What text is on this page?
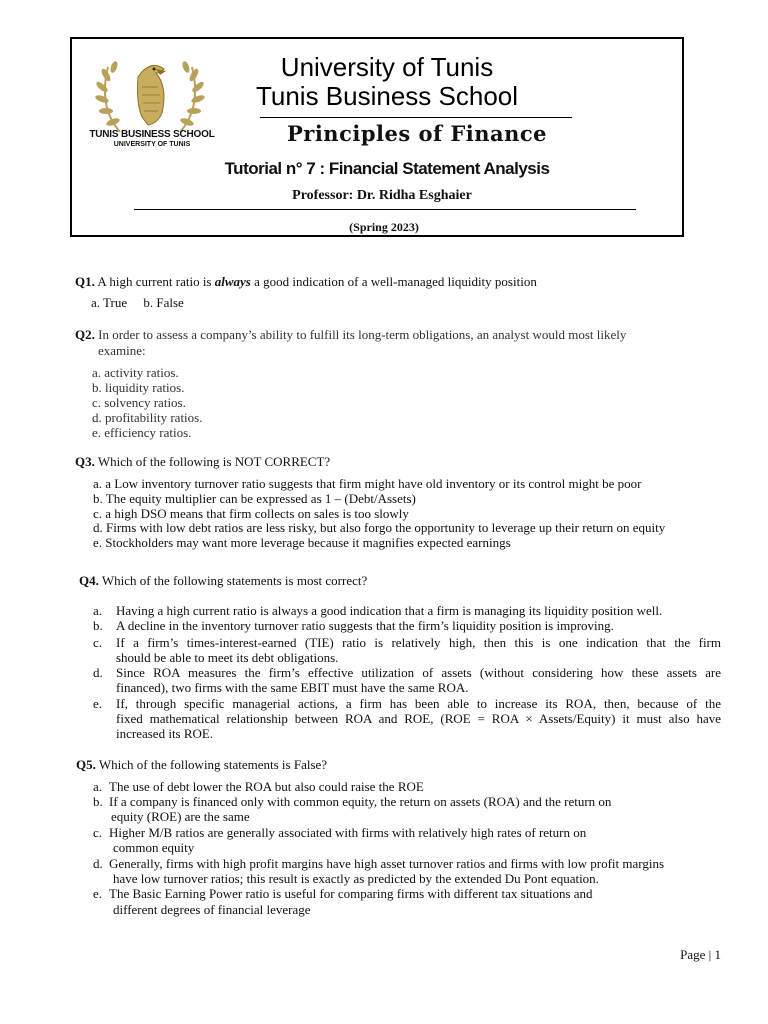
TUNIS BUSINESS SCHOOL
UNIVERSITY OF TUNIS
University of Tunis
Tunis Business School
Principles of Finance
Tutorial n° 7 : Financial Statement Analysis
Professor: Dr. Ridha Esghaier
(Spring 2023)
Q1. A high current ratio is always a good indication of a well-managed liquidity position
a. True     b. False
Q2. In order to assess a company’s ability to fulfill its long-term obligations, an analyst would most likely
examine:
a. activity ratios.
b. liquidity ratios.
c. solvency ratios.
d. profitability ratios.
e. efficiency ratios.
Q3. Which of the following is NOT CORRECT?
a. a Low inventory turnover ratio suggests that firm might have old inventory or its control might be poor
b. The equity multiplier can be expressed as 1 – (Debt/Assets)
c. a high DSO means that firm collects on sales is too slowly
d. Firms with low debt ratios are less risky, but also forgo the opportunity to leverage up their return on equity
e. Stockholders may want more leverage because it magnifies expected earnings
Q4. Which of the following statements is most correct?
a. Having a high current ratio is always a good indication that a firm is managing its liquidity position well.
b. A decline in the inventory turnover ratio suggests that the firm’s liquidity position is improving.
c. If a firm’s times-interest-earned (TIE) ratio is relatively high, then this is one indication that the firm
should be able to meet its debt obligations.
d. Since ROA measures the firm’s effective utilization of assets (without considering how these assets are
financed), two firms with the same EBIT must have the same ROA.
e. If, through specific managerial actions, a firm has been able to increase its ROA, then, because of the
fixed mathematical relationship between ROA and ROE, (ROE = ROA × Assets/Equity) it must also have
increased its ROE.
Q5. Which of the following statements is False?
a. The use of debt lower the ROA but also could raise the ROE
b. If a company is financed only with common equity, the return on assets (ROA) and the return on
equity (ROE) are the same
c. Higher M/B ratios are generally associated with firms with relatively high rates of return on
common equity
d. Generally, firms with high profit margins have high asset turnover ratios and firms with low profit margins
have low turnover ratios; this result is exactly as predicted by the extended Du Pont equation.
e. The Basic Earning Power ratio is useful for comparing firms with different tax situations and
different degrees of financial leverage
Page | 1
